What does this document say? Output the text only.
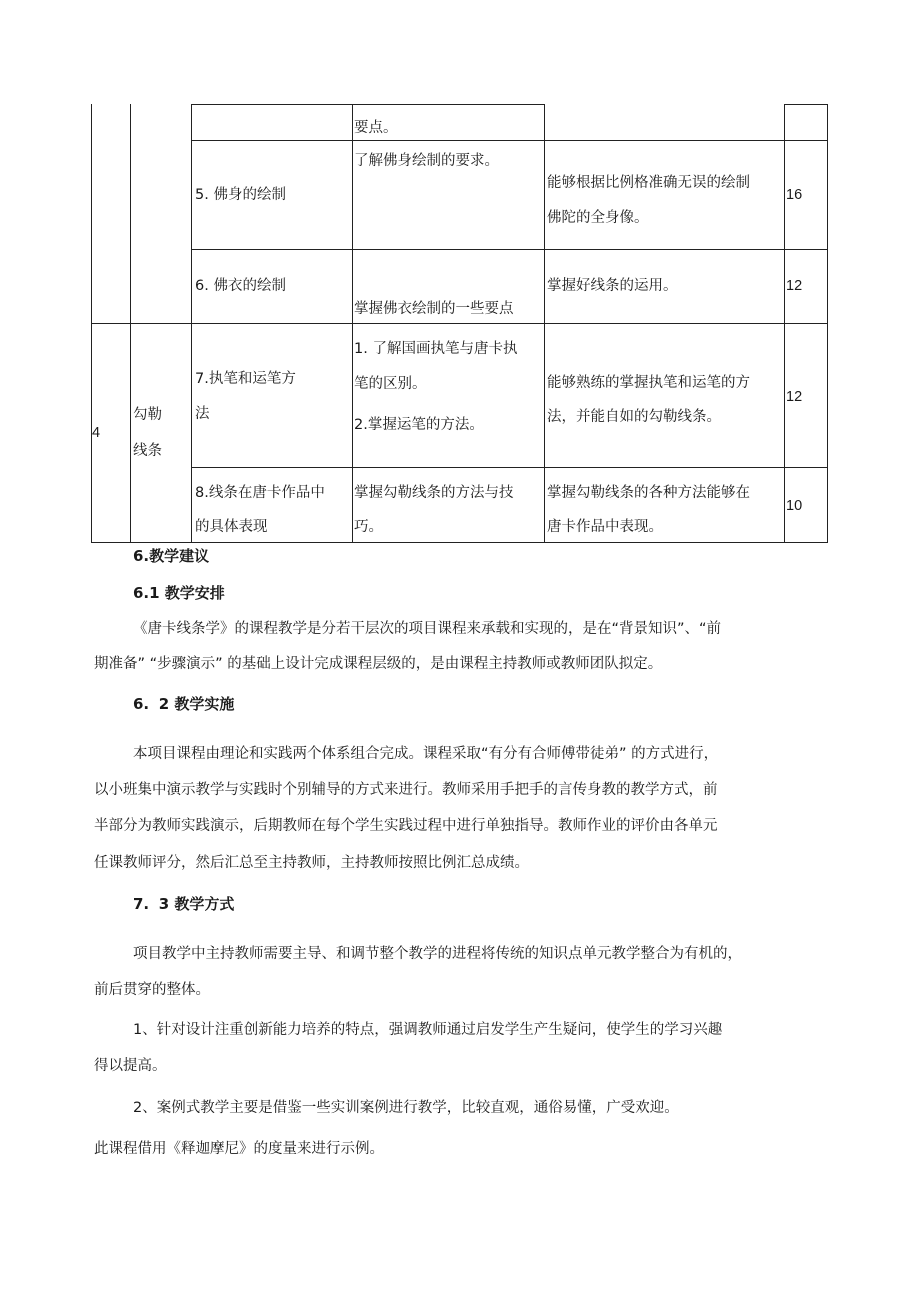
要点。
5. 佛身的绘制
了解佛身绘制的要求。
能够根据比例格准确无误的绘制
佛陀的全身像。
16
6. 佛衣的绘制
掌握佛衣绘制的一些要点
掌握好线条的运用。	12
4
勾勒
线条
7.执笔和运笔方
法
1. 了解国画执笔与唐卡执
笔的区别。
2.掌握运笔的方法。
能够熟练的掌握执笔和运笔的方
法，并能自如的勾勒线条。
12
8.线条在唐卡作品中
的具体表现
掌握勾勒线条的方法与技
巧。
掌握勾勒线条的各种方法能够在
唐卡作品中表现。
10
6.教学建议
6.1 教学安排
《唐卡线条学》的课程教学是分若干层次的项目课程来承载和实现的，是在“背景知识”、“前
期准备” “步骤演示” 的基础上设计完成课程层级的，是由课程主持教师或教师团队拟定。
6. 2 教学实施
本项目课程由理论和实践两个体系组合完成。课程采取“有分有合师傅带徒弟” 的方式进行，
以小班集中演示教学与实践时个别辅导的方式来进行。教师采用手把手的言传身教的教学方式，前
半部分为教师实践演示，后期教师在每个学生实践过程中进行单独指导。教师作业的评价由各单元
任课教师评分，然后汇总至主持教师，主持教师按照比例汇总成绩。
7. 3 教学方式
项目教学中主持教师需要主导、和调节整个教学的进程将传统的知识点单元教学整合为有机的，
前后贯穿的整体。
1、针对设计注重创新能力培养的特点，强调教师通过启发学生产生疑问，使学生的学习兴趣
得以提高。
2、案例式教学主要是借鉴一些实训案例进行教学，比较直观，通俗易懂，广受欢迎。
此课程借用《释迦摩尼》的度量来进行示例。
